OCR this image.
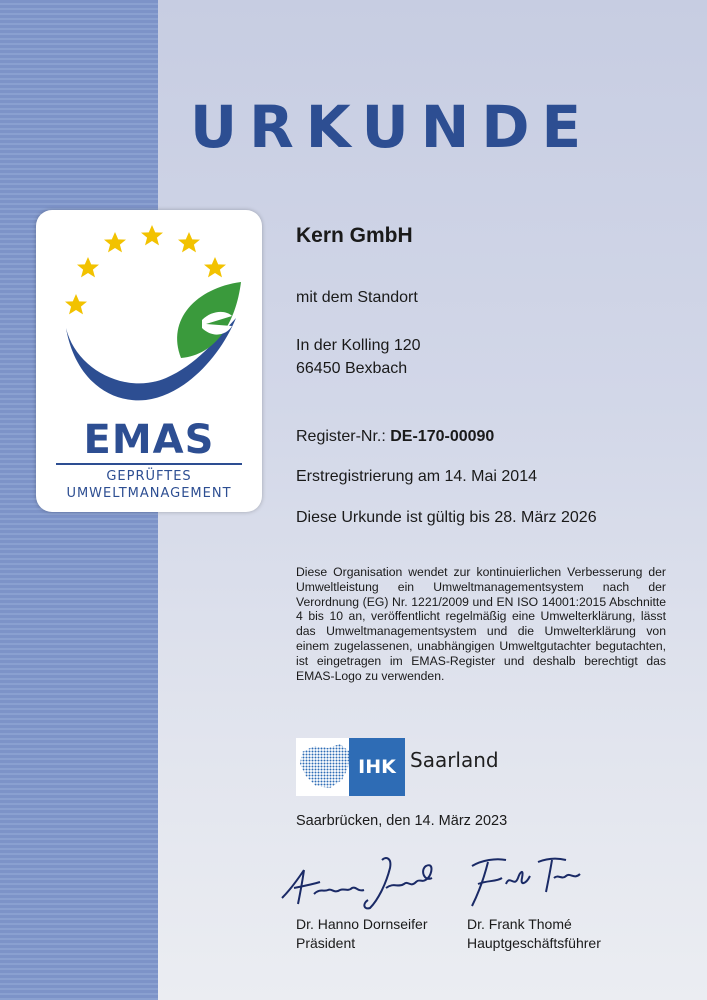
URKUNDE
EMAS
GEPRÜFTES
UMWELTMANAGEMENT
Kern GmbH
mit dem Standort
In der Kolling 120
66450 Bexbach
Register-Nr.: DE-170-00090
Erstregistrierung am 14. Mai 2014
Diese Urkunde ist gültig bis 28. März 2026
Diese Organisation wendet zur kontinuierlichen Verbesserung der Umweltleistung ein Umweltmanagementsystem nach der Verordnung (EG) Nr. 1221/2009 und EN ISO 14001:2015 Abschnitte 4 bis 10 an, veröffentlicht regelmäßig eine Umwelterklärung, lässt das Umweltmanagementsystem und die Umwelterklärung von einem zugelassenen, unabhängigen Umweltgutachter begutachten, ist eingetragen im EMAS-Register und deshalb berechtigt das EMAS-Logo zu verwenden.
IHK Saarland
Saarbrücken, den 14. März 2023
Dr. Hanno Dornseifer
Präsident
Dr. Frank Thomé
Hauptgeschäftsführer
